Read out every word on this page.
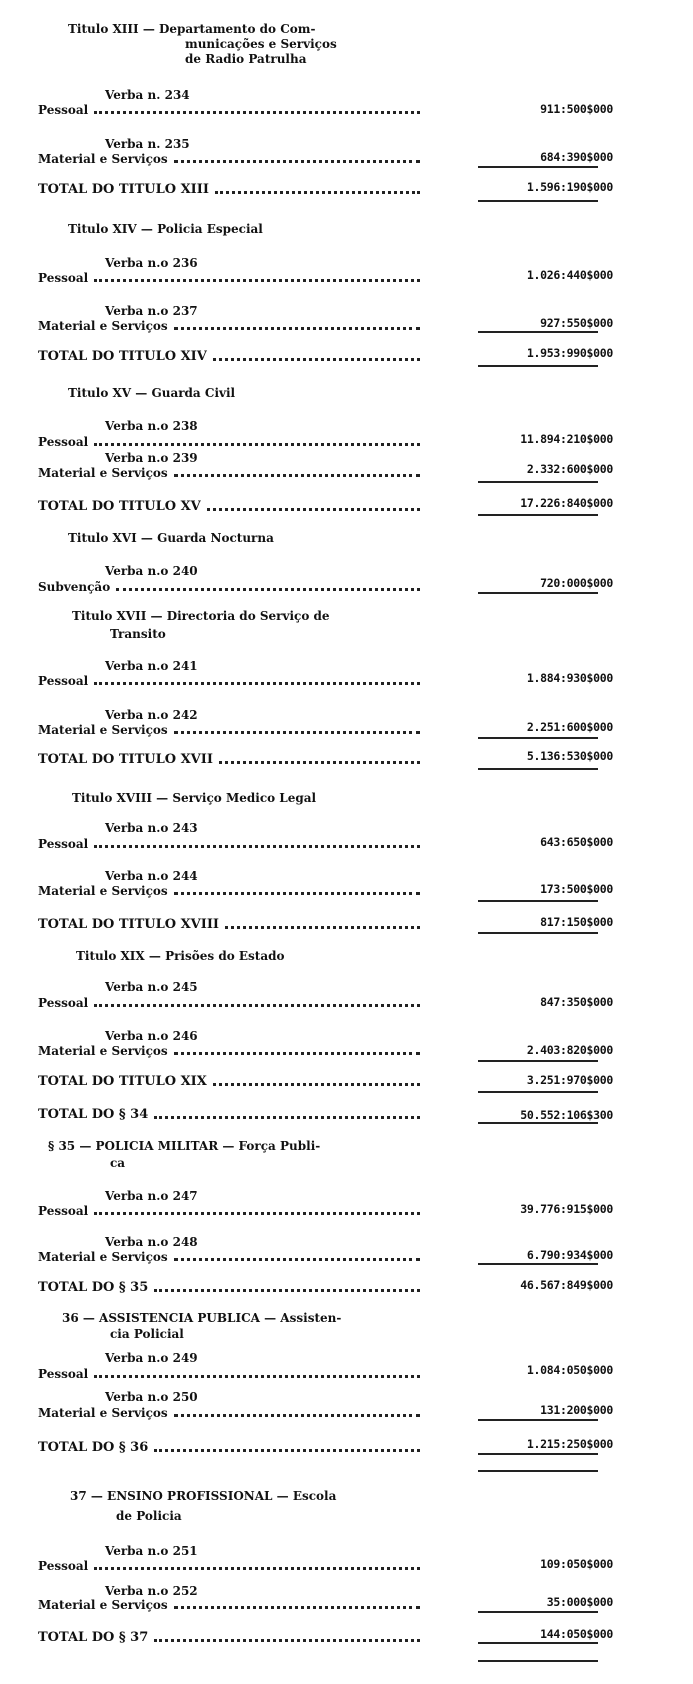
Titulo XIII — Departamento do Com-
municações e Serviços
de Radio Patrulha
Verba n. 234
Pessoal	911:500$000
Verba n. 235
Material e Serviços	684:390$000
TOTAL DO TITULO XIII	1.596:190$000
Titulo XIV — Policia Especial
Verba n.o 236
Pessoal	1.026:440$000
Verba n.o 237
Material e Serviços	927:550$000
TOTAL DO TITULO XIV	1.953:990$000
Titulo XV — Guarda Civil
Verba n.o 238
Pessoal	11.894:210$000
Verba n.o 239
Material e Serviços	2.332:600$000
TOTAL DO TITULO XV	17.226:840$000
Titulo XVI — Guarda Nocturna
Verba n.o 240
Subvenção	720:000$000
Titulo XVII — Directoria do Serviço de
Transito
Verba n.o 241
Pessoal	1.884:930$000
Verba n.o 242
Material e Serviços	2.251:600$000
TOTAL DO TITULO XVII	5.136:530$000
Titulo XVIII — Serviço Medico Legal
Verba n.o 243
Pessoal	643:650$000
Verba n.o 244
Material e Serviços	173:500$000
TOTAL DO TITULO XVIII	817:150$000
Titulo XIX — Prisões do Estado
Verba n.o 245
Pessoal	847:350$000
Verba n.o 246
Material e Serviços	2.403:820$000
TOTAL DO TITULO XIX	3.251:970$000
TOTAL DO § 34	50.552:106$300
§ 35 — POLICIA MILITAR — Força Publi-
ca
Verba n.o 247
Pessoal	39.776:915$000
Verba n.o 248
Material e Serviços	6.790:934$000
TOTAL DO § 35	46.567:849$000
36 — ASSISTENCIA PUBLICA — Assisten-
cia Policial
Verba n.o 249
Pessoal	1.084:050$000
Verba n.o 250
Material e Serviços	131:200$000
TOTAL DO § 36	1.215:250$000
37 — ENSINO PROFISSIONAL — Escola
de Policia
Verba n.o 251
Pessoal	109:050$000
Verba n.o 252
Material e Serviços	35:000$000
TOTAL DO § 37	144:050$000
